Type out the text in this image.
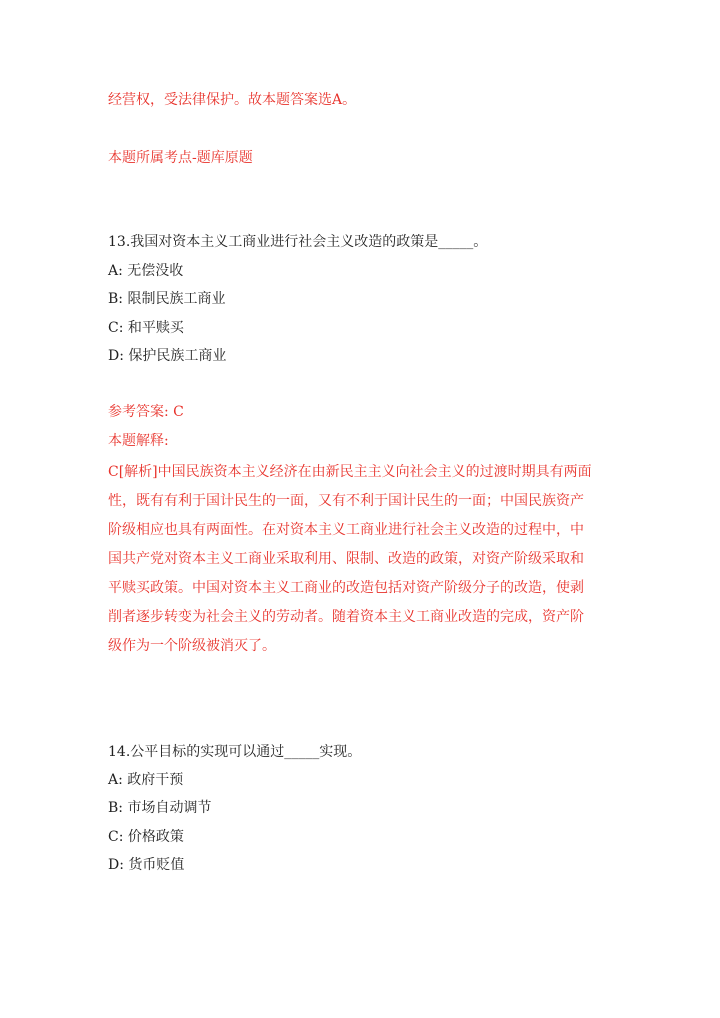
经营权，受法律保护。故本题答案选A。
本题所属考点-题库原题
13.我国对资本主义工商业进行社会主义改造的政策是_____。
A: 无偿没收
B: 限制民族工商业
C: 和平赎买
D: 保护民族工商业
参考答案: C
本题解释:
C[解析]中国民族资本主义经济在由新民主主义向社会主义的过渡时期具有两面
性，既有有利于国计民生的一面，又有不利于国计民生的一面；中国民族资产
阶级相应也具有两面性。在对资本主义工商业进行社会主义改造的过程中，中
国共产党对资本主义工商业采取利用、限制、改造的政策，对资产阶级采取和
平赎买政策。中国对资本主义工商业的改造包括对资产阶级分子的改造，使剥
削者逐步转变为社会主义的劳动者。随着资本主义工商业改造的完成，资产阶
级作为一个阶级被消灭了。
14.公平目标的实现可以通过_____实现。
A: 政府干预
B: 市场自动调节
C: 价格政策
D: 货币贬值
